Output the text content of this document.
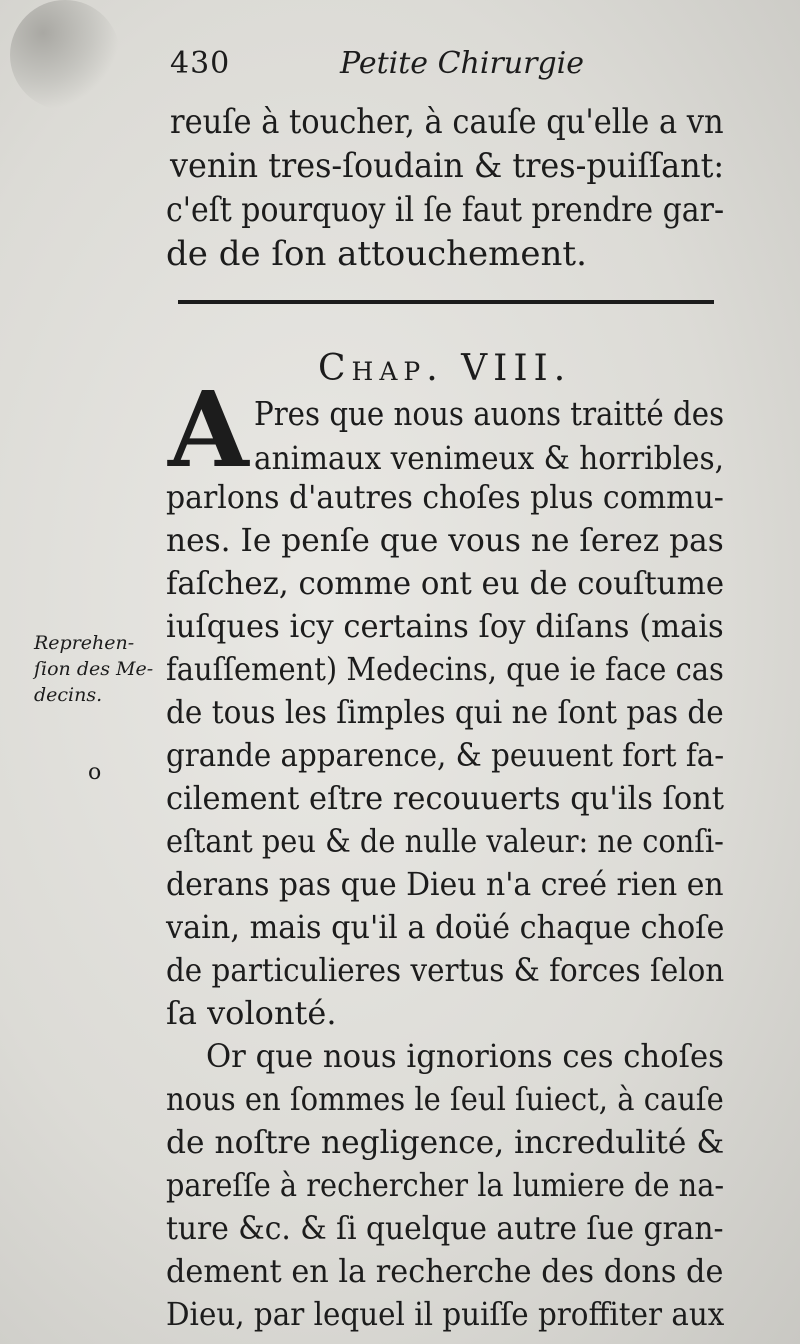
430	Petite Chirurgie
reuſe à toucher, à cauſe qu'elle a vn
venin tres-ſoudain & tres-puiſſant:
c'eſt pourquoy il ſe faut prendre gar-
de de ſon attouchement.
Chap. VIII.
A Pres que nous auons traitté des
animaux venimeux & horribles,
parlons d'autres choſes plus commu-
nes. Ie penſe que vous ne ſerez pas
faſchez, comme ont eu de couſtume
iuſques icy certains ſoy diſans (mais
fauſſement) Medecins, que ie face cas
de tous les ſimples qui ne ſont pas de
grande apparence, & peuuent fort fa-
cilement eſtre recouuerts qu'ils ſont
eſtant peu & de nulle valeur: ne conſi-
derans pas que Dieu n'a creé rien en
vain, mais qu'il a doüé chaque choſe
de particulieres vertus & forces ſelon
ſa volonté.
Or que nous ignorions ces choſes
nous en ſommes le ſeul ſuiect, à cauſe
de noſtre negligence, incredulité &
pareſſe à rechercher la lumiere de na-
ture &c. & ſi quelque autre ſue gran-
dement en la recherche des dons de
Dieu, par lequel il puiſſe proffiter aux
Reprehen-
ſion des Me-
decins.
o
